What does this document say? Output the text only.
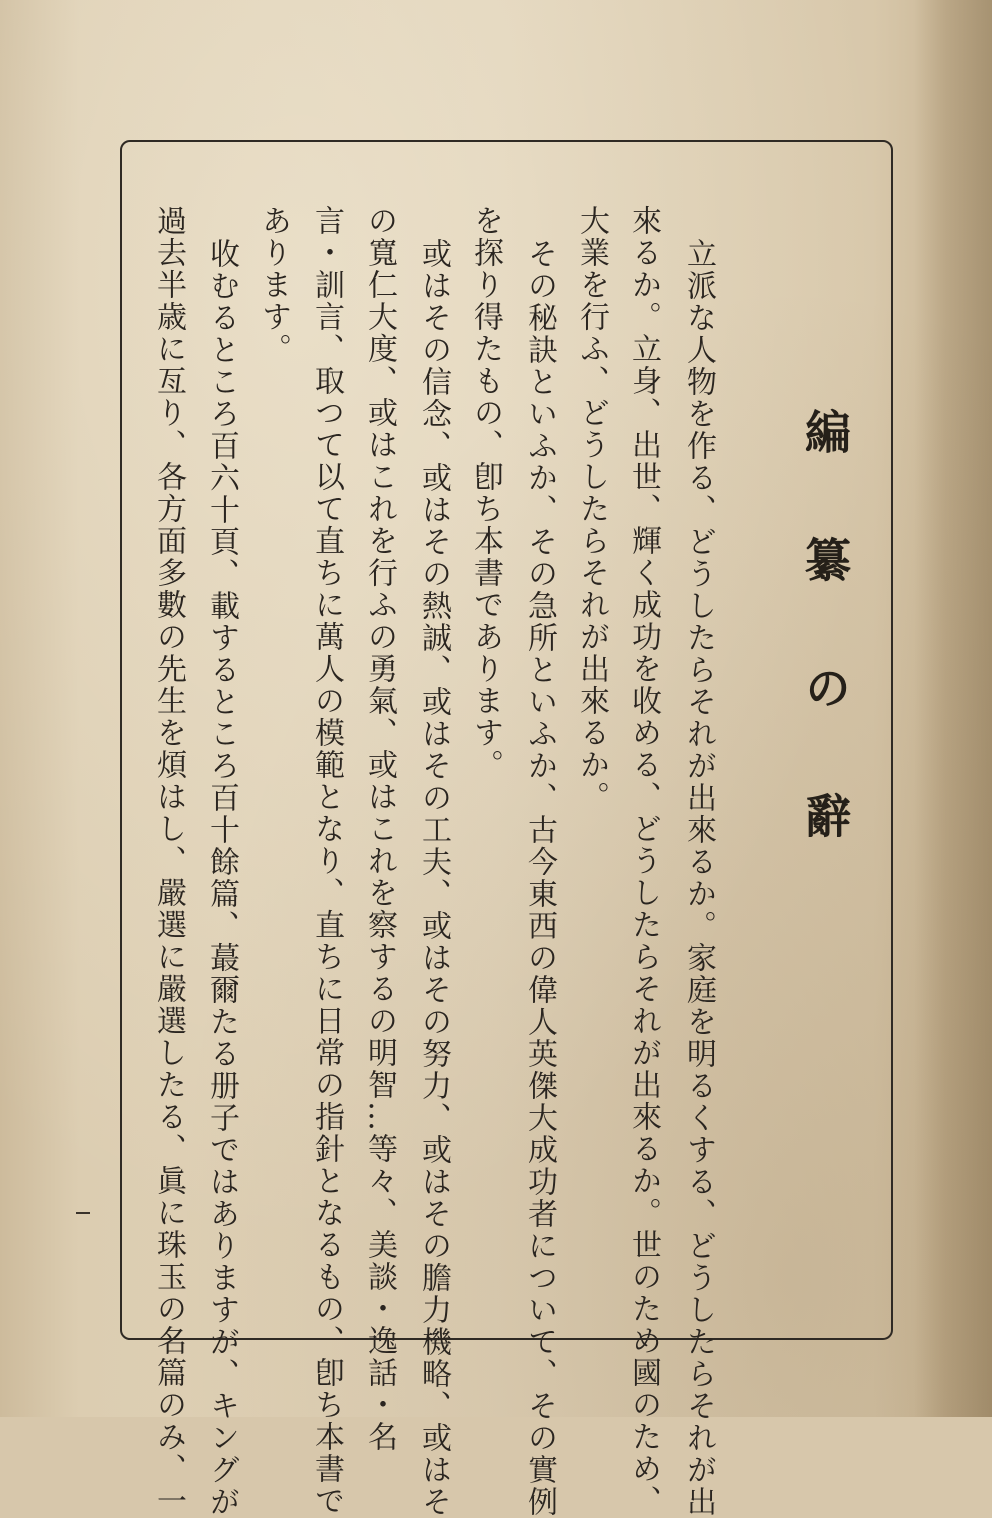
編纂の辭
立派な人物を作る、どうしたらそれが出來るか。家庭を明るくする、どうしたらそれが出
來るか。立身、出世、輝く成功を收める、どうしたらそれが出來るか。世のため國のため、
大業を行ふ、どうしたらそれが出來るか。
その秘訣といふか、その急所といふか、古今東西の偉人英傑大成功者について、その實例
を探り得たもの、卽ち本書であります。
或はその信念、或はその熱誠、或はその工夫、或はその努力、或はその膽力機略、或はそ
の寬仁大度、或はこれを行ふの勇氣、或はこれを察するの明智…等々、美談・逸話・名
言・訓言、取つて以て直ちに萬人の模範となり、直ちに日常の指針となるもの、卽ち本書で
あります。
收むるところ百六十頁、載するところ百十餘篇、蕞爾たる册子ではありますが、キングが
過去半歳に亙り、各方面多數の先生を煩はし、嚴選に嚴選したる、眞に珠玉の名篇のみ、一
